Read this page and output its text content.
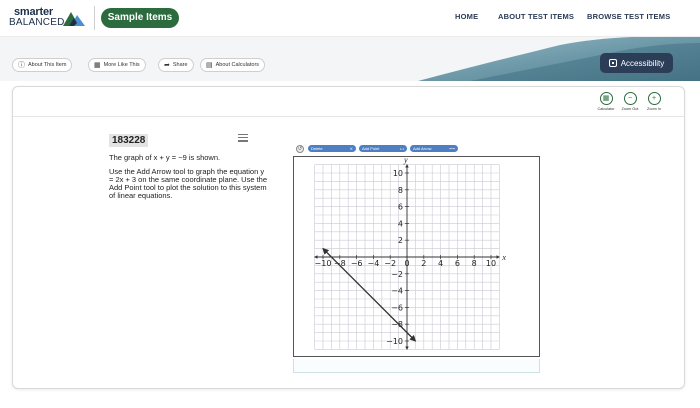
smarter
BALANCED	Sample Items	HOME	ABOUT TEST ITEMS BROWSE TEST ITEMS
ⓘ About This Item	▦ More Like This	➦ Share	▤ About Calculators	Accessibility
▦
Calculator
−
Zoom Out
+
Zoom In
183228

The graph of x + y = −9 is shown.

Use the Add Arrow tool to graph the equation y = 2x + 3 on the same coordinate plane. Use the Add Point tool to plot the solution to this system of linear equations.

↺	Delete	⨯	Add Point	•-•	Add Arrow	⟷
x
y
−10 −8 −6 −4 −2 0 2 4 6 8 10
−10
−8
−6
−4
−2
2
4
6
8
10
